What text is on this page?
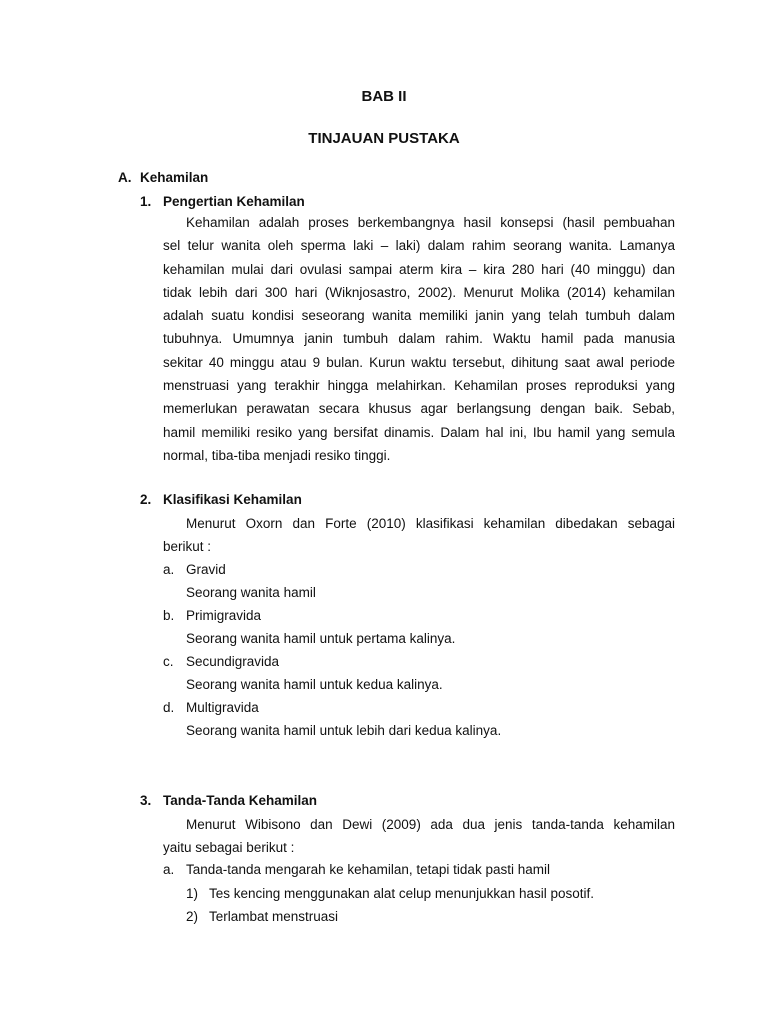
BAB II
TINJAUAN PUSTAKA
A. Kehamilan
1. Pengertian Kehamilan
Kehamilan adalah proses berkembangnya hasil konsepsi (hasil pembuahan
sel telur wanita oleh sperma laki – laki) dalam rahim seorang wanita. Lamanya
kehamilan mulai dari ovulasi sampai aterm kira – kira 280 hari (40 minggu) dan
tidak lebih dari 300 hari (Wiknjosastro, 2002). Menurut Molika (2014) kehamilan
adalah suatu kondisi seseorang wanita memiliki janin yang telah tumbuh dalam
tubuhnya. Umumnya janin tumbuh dalam rahim. Waktu hamil pada manusia
sekitar 40 minggu atau 9 bulan. Kurun waktu tersebut, dihitung saat awal periode
menstruasi yang terakhir hingga melahirkan. Kehamilan proses reproduksi yang
memerlukan perawatan secara khusus agar berlangsung dengan baik. Sebab,
hamil memiliki resiko yang bersifat dinamis. Dalam hal ini, Ibu hamil yang semula
normal, tiba-tiba menjadi resiko tinggi.
2. Klasifikasi Kehamilan
Menurut Oxorn dan Forte (2010) klasifikasi kehamilan dibedakan sebagai
berikut :
a. Gravid
Seorang wanita hamil
b. Primigravida
Seorang wanita hamil untuk pertama kalinya.
c. Secundigravida
Seorang wanita hamil untuk kedua kalinya.
d. Multigravida
Seorang wanita hamil untuk lebih dari kedua kalinya.
3. Tanda-Tanda Kehamilan
Menurut Wibisono dan Dewi (2009) ada dua jenis tanda-tanda kehamilan
yaitu sebagai berikut :
a. Tanda-tanda mengarah ke kehamilan, tetapi tidak pasti hamil
1) Tes kencing menggunakan alat celup menunjukkan hasil posotif.
2) Terlambat menstruasi
